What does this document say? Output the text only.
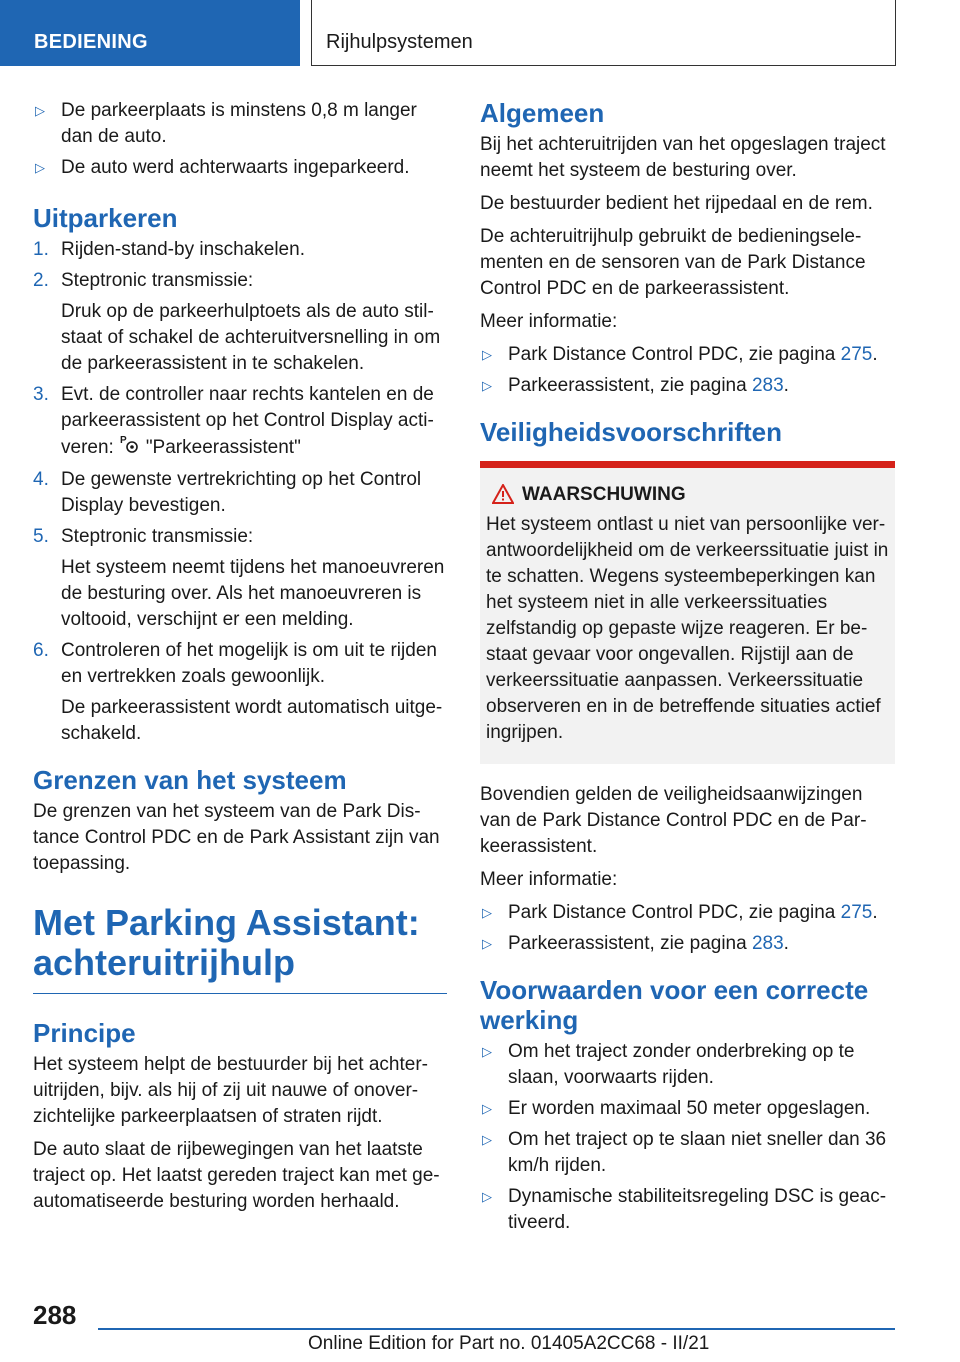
BEDIENING	Rijhulpsystemen
▷ De parkeerplaats is minstens 0,8 m langer dan de auto.
▷ De auto werd achterwaarts ingeparkeerd.
Uitparkeren
1. Rijden-stand-by inschakelen.
2. Steptronic transmissie:
Druk op de parkeerhulptoets als de auto stilstaat of schakel de achteruitversnelling in om de parkeerassistent in te schakelen.
3. Evt. de controller naar rechts kantelen en de parkeerassistent op het Control Display activeren: P "Parkeerassistent"
4. De gewenste vertrekrichting op het Control Display bevestigen.
5. Steptronic transmissie:
Het systeem neemt tijdens het manoeuvreren de besturing over. Als het manoeuvreren is voltooid, verschijnt er een melding.
6. Controleren of het mogelijk is om uit te rijden en vertrekken zoals gewoonlijk.
De parkeerassistent wordt automatisch uitgeschakeld.
Grenzen van het systeem

De grenzen van het systeem van de Park Distance Control PDC en de Park Assistant zijn van toepassing.

Met Parking Assistant: achteruitrijhulp
Principe

Het systeem helpt de bestuurder bij het achteruitrijden, bijv. als hij of zij uit nauwe of onoverzichtelijke parkeerplaatsen of straten rijdt.

De auto slaat de rijbewegingen van het laatste traject op. Het laatst gereden traject kan met geautomatiseerde besturing worden herhaald.

Algemeen

Bij het achteruitrijden van het opgeslagen traject neemt het systeem de besturing over.

De bestuurder bedient het rijpedaal en de rem.

De achteruitrijhulp gebruikt de bedieningselementen en de sensoren van de Park Distance Control PDC en de parkeerassistent.

Meer informatie:

▷ Park Distance Control PDC, zie pagina 275.
▷ Parkeerassistent, zie pagina 283.
Veiligheidsvoorschriften
WAARSCHUWING
Het systeem ontlast u niet van persoonlijke verantwoordelijkheid om de verkeerssituatie juist in te schatten. Wegens systeembeperkingen kan het systeem niet in alle verkeerssituaties zelfstandig op gepaste wijze reageren. Er bestaat gevaar voor ongevallen. Rijstijl aan de verkeerssituatie aanpassen. Verkeerssituatie observeren en in de betreffende situaties actief ingrijpen.

Bovendien gelden de veiligheidsaanwijzingen van de Park Distance Control PDC en de Parkeerassistent.

Meer informatie:

▷ Park Distance Control PDC, zie pagina 275.
▷ Parkeerassistent, zie pagina 283.
Voorwaarden voor een correcte werking
▷ Om het traject zonder onderbreking op te slaan, voorwaarts rijden.
▷ Er worden maximaal 50 meter opgeslagen.
▷ Om het traject op te slaan niet sneller dan 36 km/h rijden.
▷ Dynamische stabiliteitsregeling DSC is geactiveerd.
288
Online Edition for Part no. 01405A2CC68 - II/21
